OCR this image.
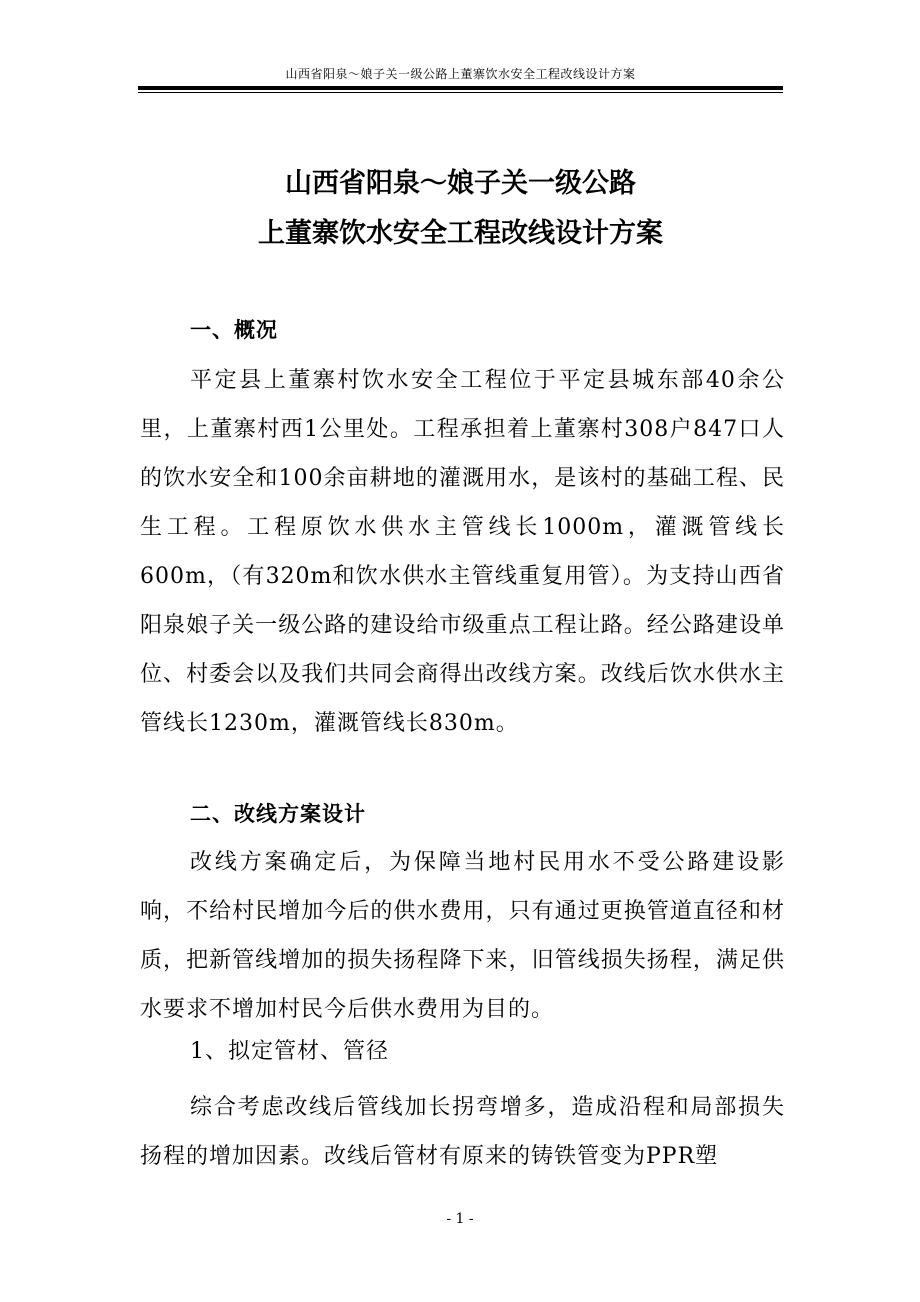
山西省阳泉～娘子关一级公路上董寨饮水安全工程改线设计方案
山西省阳泉～娘子关一级公路
上董寨饮水安全工程改线设计方案
一、概况

平定县上董寨村饮水安全工程位于平定县城东部40余公里，上董寨村西1公里处。工程承担着上董寨村308户847口人的饮水安全和100余亩耕地的灌溉用水，是该村的基础工程、民生工程。工程原饮水供水主管线长1000m，灌溉管线长600m，（有320m和饮水供水主管线重复用管）。为支持山西省阳泉娘子关一级公路的建设给市级重点工程让路。经公路建设单位、村委会以及我们共同会商得出改线方案。改线后饮水供水主管线长1230m，灌溉管线长830m。

二、改线方案设计

改线方案确定后，为保障当地村民用水不受公路建设影响，不给村民增加今后的供水费用，只有通过更换管道直径和材质，把新管线增加的损失扬程降下来，旧管线损失扬程，满足供水要求不增加村民今后供水费用为目的。

1、拟定管材、管径

综合考虑改线后管线加长拐弯增多，造成沿程和局部损失扬程的增加因素。改线后管材有原来的铸铁管变为PPR塑

- 1 -
